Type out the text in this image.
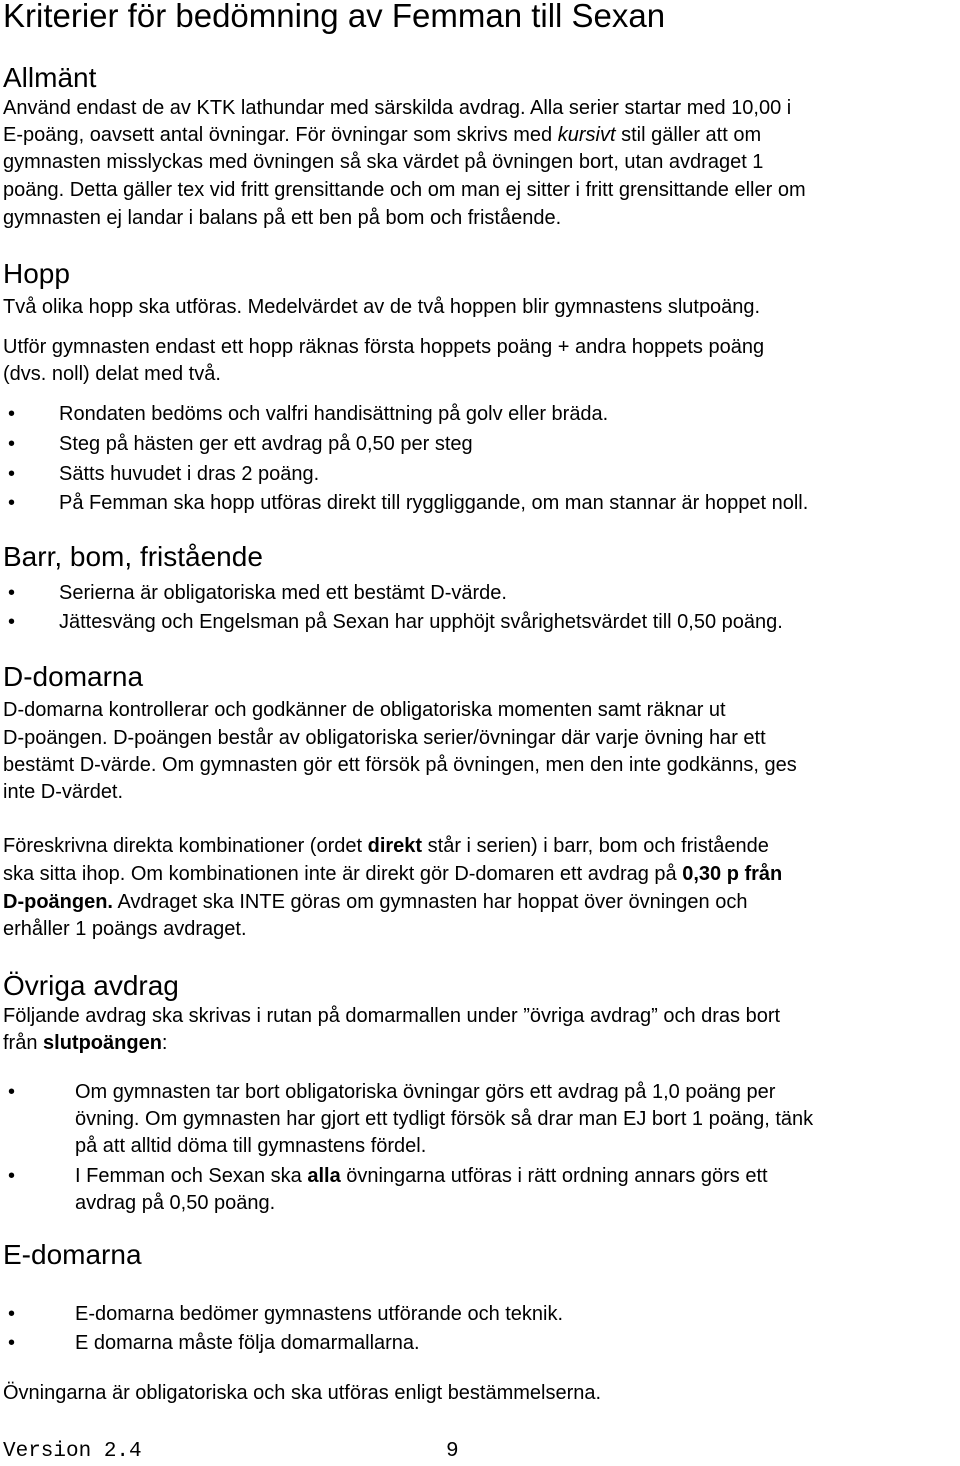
Kriterier för bedömning av Femman till Sexan
Allmänt
Använd endast de av KTK lathundar med särskilda avdrag. Alla serier startar med 10,00 i
E-poäng, oavsett antal övningar. För övningar som skrivs med kursivt stil gäller att om
gymnasten misslyckas med övningen så ska värdet på övningen bort, utan avdraget 1
poäng. Detta gäller tex vid fritt grensittande och om man ej sitter i fritt grensittande eller om
gymnasten ej landar i balans på ett ben på bom och fristående.
Hopp
Två olika hopp ska utföras. Medelvärdet av de två hoppen blir gymnastens slutpoäng.
Utför gymnasten endast ett hopp räknas första hoppets poäng + andra hoppets poäng
(dvs. noll) delat med två.
• Rondaten bedöms och valfri handisättning på golv eller bräda.
• Steg på hästen ger ett avdrag på 0,50 per steg
• Sätts huvudet i dras 2 poäng.
• På Femman ska hopp utföras direkt till ryggliggande, om man stannar är hoppet noll.
Barr, bom, fristående
• Serierna är obligatoriska med ett bestämt D-värde.
• Jättesväng och Engelsman på Sexan har upphöjt svårighetsvärdet till 0,50 poäng.
D-domarna
D-domarna kontrollerar och godkänner de obligatoriska momenten samt räknar ut
D-poängen. D-poängen består av obligatoriska serier/övningar där varje övning har ett
bestämt D-värde. Om gymnasten gör ett försök på övningen, men den inte godkänns, ges
inte D-värdet.
Föreskrivna direkta kombinationer (ordet direkt står i serien) i barr, bom och fristående
ska sitta ihop. Om kombinationen inte är direkt gör D-domaren ett avdrag på 0,30 p från
D-poängen. Avdraget ska INTE göras om gymnasten har hoppat över övningen och
erhåller 1 poängs avdraget.
Övriga avdrag
Följande avdrag ska skrivas i rutan på domarmallen under ”övriga avdrag” och dras bort
från slutpoängen:
•	Om gymnasten tar bort obligatoriska övningar görs ett avdrag på 1,0 poäng per
övning. Om gymnasten har gjort ett tydligt försök så drar man EJ bort 1 poäng, tänk
på att alltid döma till gymnastens fördel.
•	I Femman och Sexan ska alla övningarna utföras i rätt ordning annars görs ett
avdrag på 0,50 poäng.
E-domarna
•	E-domarna bedömer gymnastens utförande och teknik.
•	E domarna måste följa domarmallarna.
Övningarna är obligatoriska och ska utföras enligt bestämmelserna.
Version 2.4	9
